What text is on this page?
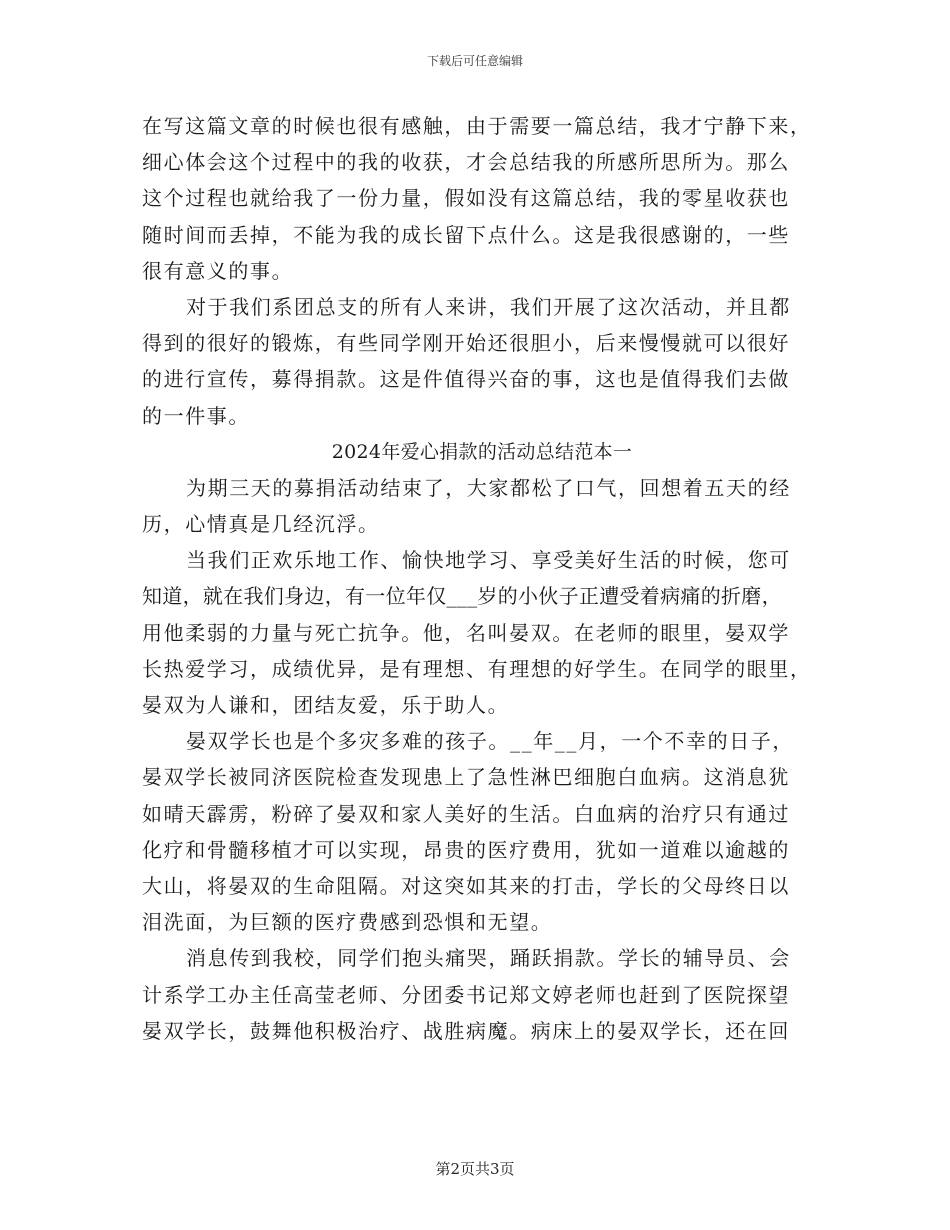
下载后可任意编辑
在写这篇文章的时候也很有感触，由于需要一篇总结，我才宁静下来，
细心体会这个过程中的我的收获，才会总结我的所感所思所为。那么
这个过程也就给我了一份力量，假如没有这篇总结，我的零星收获也
随时间而丢掉，不能为我的成长留下点什么。这是我很感谢的，一些
很有意义的事。
对于我们系团总支的所有人来讲，我们开展了这次活动，并且都
得到的很好的锻炼，有些同学刚开始还很胆小，后来慢慢就可以很好
的进行宣传，募得捐款。这是件值得兴奋的事，这也是值得我们去做
的一件事。
2024年爱心捐款的活动总结范本一
为期三天的募捐活动结束了，大家都松了口气，回想着五天的经
历，心情真是几经沉浮。
当我们正欢乐地工作、愉快地学习、享受美好生活的时候，您可
知道，就在我们身边，有一位年仅___岁的小伙子正遭受着病痛的折磨，
用他柔弱的力量与死亡抗争。他，名叫晏双。在老师的眼里，晏双学
长热爱学习，成绩优异，是有理想、有理想的好学生。在同学的眼里，
晏双为人谦和，团结友爱，乐于助人。
晏双学长也是个多灾多难的孩子。__年__月，一个不幸的日子，
晏双学长被同济医院检查发现患上了急性淋巴细胞白血病。这消息犹
如晴天霹雳，粉碎了晏双和家人美好的生活。白血病的治疗只有通过
化疗和骨髓移植才可以实现，昂贵的医疗费用，犹如一道难以逾越的
大山，将晏双的生命阻隔。对这突如其来的打击，学长的父母终日以
泪洗面，为巨额的医疗费感到恐惧和无望。
消息传到我校，同学们抱头痛哭，踊跃捐款。学长的辅导员、会
计系学工办主任高莹老师、分团委书记郑文婷老师也赶到了医院探望
晏双学长，鼓舞他积极治疗、战胜病魔。病床上的晏双学长，还在回
第2页共3页
